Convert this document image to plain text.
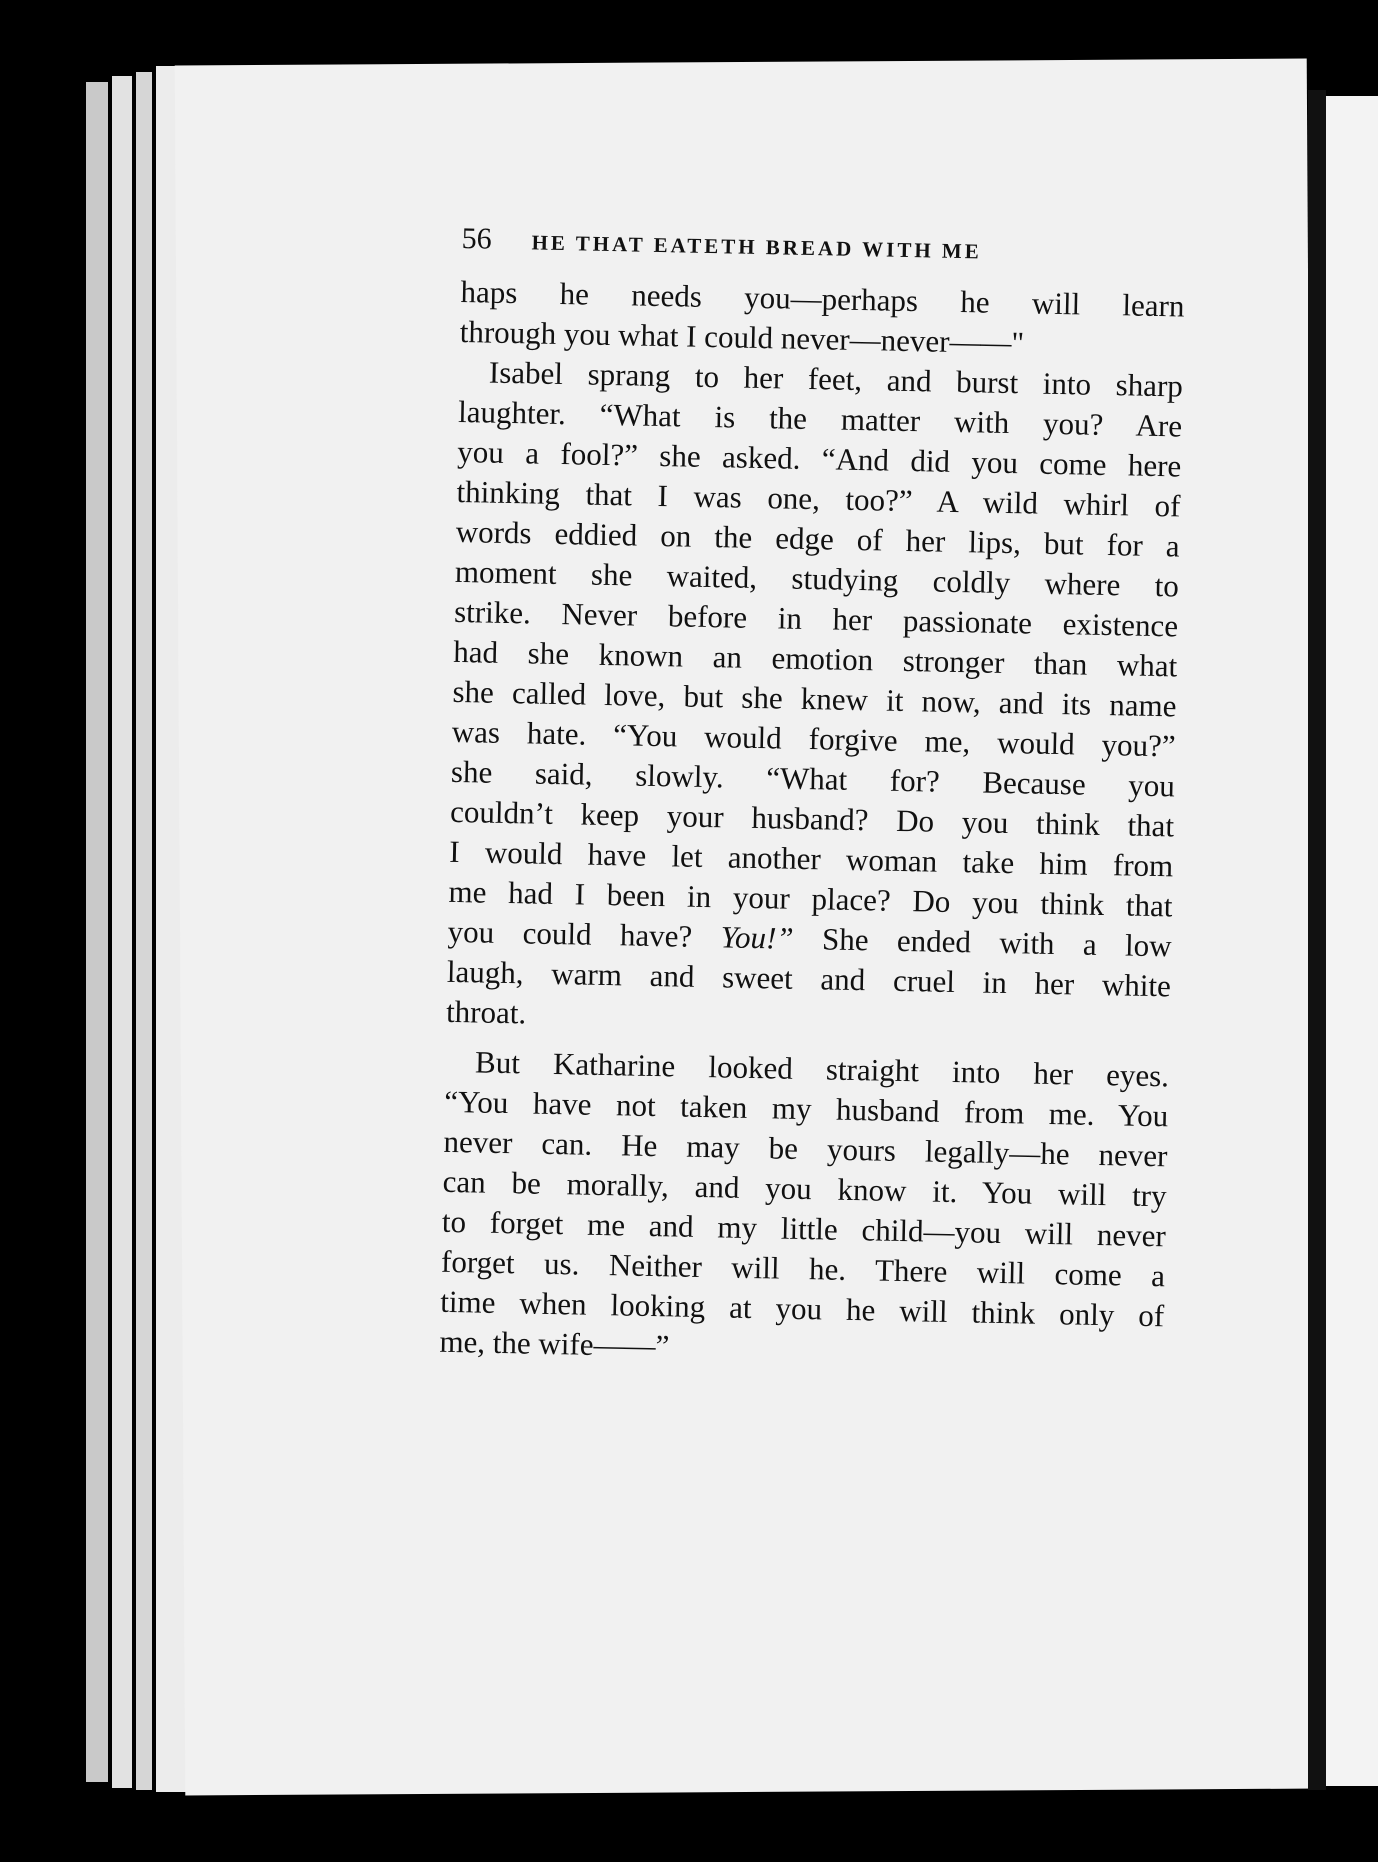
56	HE THAT EATETH BREAD WITH ME

haps he needs you—perhaps he will learn
through you what I could never—never——"

Isabel sprang to her feet, and burst into sharp
laughter. “What is the matter with you? Are
you a fool?” she asked. “And did you come here
thinking that I was one, too?” A wild whirl of
words eddied on the edge of her lips, but for a
moment she waited, studying coldly where to
strike. Never before in her passionate existence
had she known an emotion stronger than what
she called love, but she knew it now, and its name
was hate. “You would forgive me, would you?”
she said, slowly. “What for? Because you
couldn’t keep your husband? Do you think that
I would have let another woman take him from
me had I been in your place? Do you think that
you could have? You!” She ended with a low
laugh, warm and sweet and cruel in her white
throat.

But Katharine looked straight into her eyes.
“You have not taken my husband from me. You
never can. He may be yours legally—he never
can be morally, and you know it. You will try
to forget me and my little child—you will never
forget us. Neither will he. There will come a
time when looking at you he will think only of
me, the wife——”
